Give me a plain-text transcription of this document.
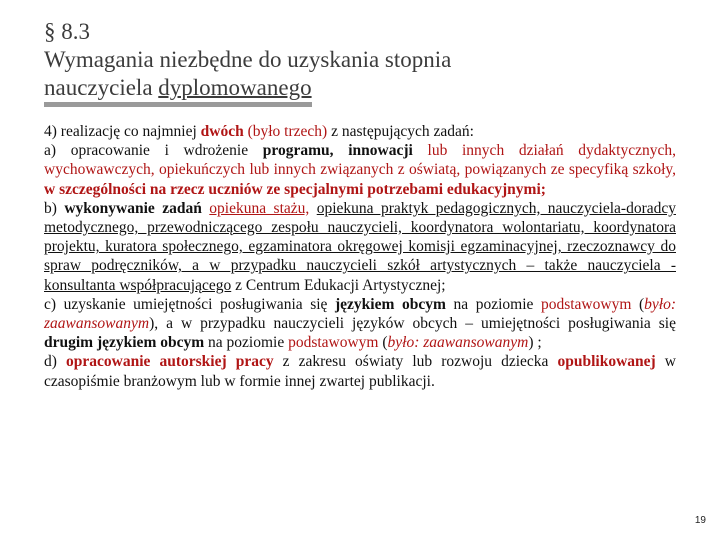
§ 8.3
Wymagania niezbędne do uzyskania stopnia
nauczyciela dyplomowanego

4) realizację co najmniej dwóch (było trzech) z następujących zadań:

a) opracowanie i wdrożenie programu, innowacji lub innych działań dydaktycznych, wychowawczych, opiekuńczych lub innych związanych z oświatą, powiązanych ze specyfiką szkoły, w szczególności na rzecz uczniów ze specjalnymi potrzebami edukacyjnymi;

b) wykonywanie zadań opiekuna stażu, opiekuna praktyk pedagogicznych, nauczyciela-doradcy metodycznego, przewodniczącego zespołu nauczycieli, koordynatora wolontariatu, koordynatora projektu, kuratora społecznego, egzaminatora okręgowej komisji egzaminacyjnej, rzeczoznawcy do spraw podręczników, a w przypadku nauczycieli szkół artystycznych – także nauczyciela -konsultanta współpracującego z Centrum Edukacji Artystycznej;

c) uzyskanie umiejętności posługiwania się językiem obcym na poziomie podstawowym (było: zaawansowanym), a w przypadku nauczycieli języków obcych – umiejętności posługiwania się drugim językiem obcym na poziomie podstawowym (było: zaawansowanym) ;

d) opracowanie autorskiej pracy z zakresu oświaty lub rozwoju dziecka opublikowanej w czasopiśmie branżowym lub w formie innej zwartej publikacji.

19
